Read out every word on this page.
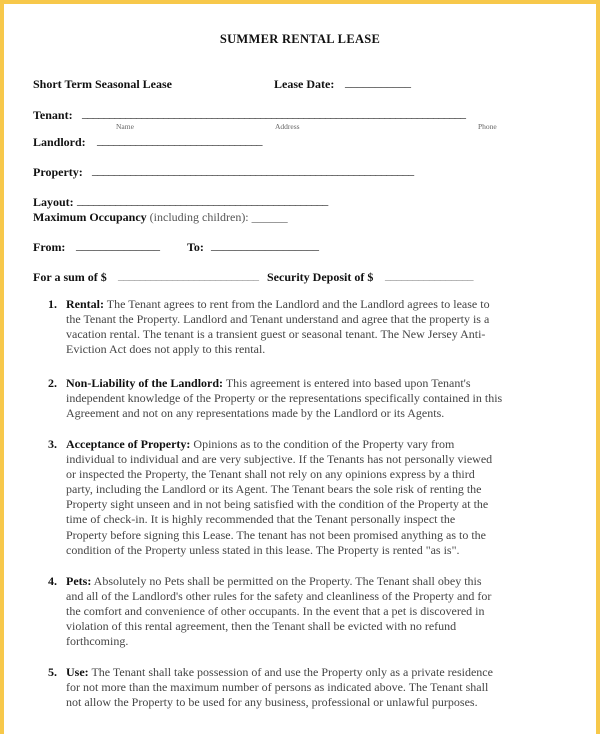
SUMMER RENTAL LEASE
Short Term Seasonal Lease	Lease Date: ___________
Tenant: _______________________________________________________________________
Name	Address	Phone
Landlord: ______________________________
Property: ___________________________________________________________
Layout: ______________________________________________
Maximum Occupancy (including children): ______
From: ______________ To: __________________
For a sum of $ __________________________ Security Deposit of $ ________________
1. Rental: The Tenant agrees to rent from the Landlord and the Landlord agrees to lease to
the Tenant the Property. Landlord and Tenant understand and agree that the property is a
vacation rental. The tenant is a transient guest or seasonal tenant. The New Jersey Anti-
Eviction Act does not apply to this rental.
2. Non-Liability of the Landlord: This agreement is entered into based upon Tenant's
independent knowledge of the Property or the representations specifically contained in this
Agreement and not on any representations made by the Landlord or its Agents.
3. Acceptance of Property: Opinions as to the condition of the Property vary from
individual to individual and are very subjective. If the Tenants has not personally viewed
or inspected the Property, the Tenant shall not rely on any opinions express by a third
party, including the Landlord or its Agent. The Tenant bears the sole risk of renting the
Property sight unseen and in not being satisfied with the condition of the Property at the
time of check-in. It is highly recommended that the Tenant personally inspect the
Property before signing this Lease. The tenant has not been promised anything as to the
condition of the Property unless stated in this lease. The Property is rented "as is".
4. Pets: Absolutely no Pets shall be permitted on the Property. The Tenant shall obey this
and all of the Landlord's other rules for the safety and cleanliness of the Property and for
the comfort and convenience of other occupants. In the event that a pet is discovered in
violation of this rental agreement, then the Tenant shall be evicted with no refund
forthcoming.
5. Use: The Tenant shall take possession of and use the Property only as a private residence
for not more than the maximum number of persons as indicated above. The Tenant shall
not allow the Property to be used for any business, professional or unlawful purposes.
